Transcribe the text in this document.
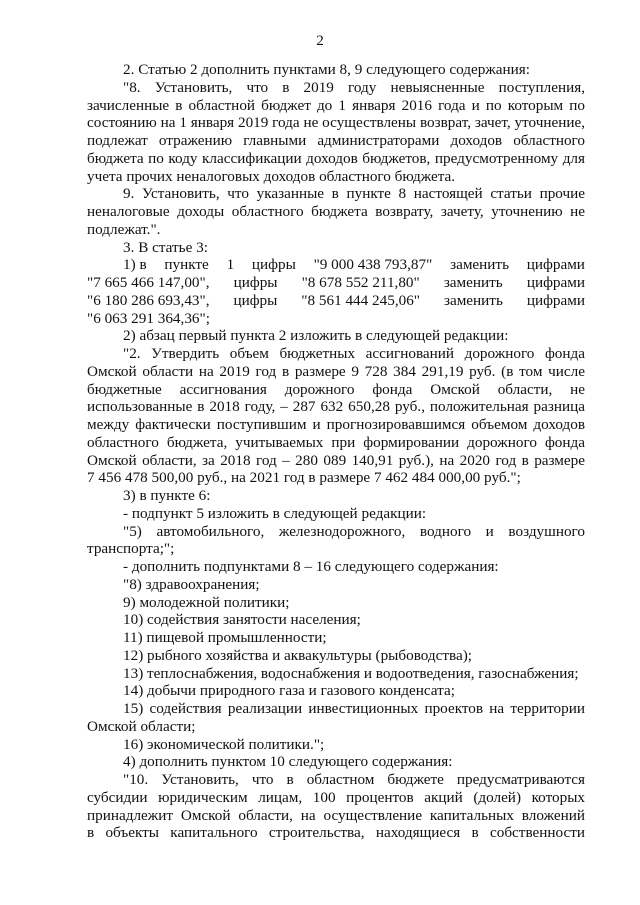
2
2. Статью 2 дополнить пунктами 8, 9 следующего содержания:
"8. Установить, что в 2019 году невыясненные поступления,
зачисленные в областной бюджет до 1 января 2016 года и по которым по
состоянию на 1 января 2019 года не осуществлены возврат, зачет, уточнение,
подлежат отражению главными администраторами доходов областного
бюджета по коду классификации доходов бюджетов, предусмотренному для
учета прочих неналоговых доходов областного бюджета.
9. Установить, что указанные в пункте 8 настоящей статьи прочие
неналоговые доходы областного бюджета возврату, зачету, уточнению не
подлежат.".
3. В статье 3:
1) в пункте 1 цифры "9 000 438 793,87" заменить цифрами
"7 665 466 147,00", цифры "8 678 552 211,80" заменить цифрами
"6 180 286 693,43", цифры "8 561 444 245,06" заменить цифрами
"6 063 291 364,36";
2) абзац первый пункта 2 изложить в следующей редакции:
"2. Утвердить объем бюджетных ассигнований дорожного фонда
Омской области на 2019 год в размере 9 728 384 291,19 руб. (в том числе
бюджетные ассигнования дорожного фонда Омской области, не
использованные в 2018 году, – 287 632 650,28 руб., положительная разница
между фактически поступившим и прогнозировавшимся объемом доходов
областного бюджета, учитываемых при формировании дорожного фонда
Омской области, за 2018 год – 280 089 140,91 руб.), на 2020 год в размере
7 456 478 500,00 руб., на 2021 год в размере 7 462 484 000,00 руб.";
3) в пункте 6:
- подпункт 5 изложить в следующей редакции:
"5) автомобильного, железнодорожного, водного и воздушного
транспорта;";
- дополнить подпунктами 8 – 16 следующего содержания:
"8) здравоохранения;
9) молодежной политики;
10) содействия занятости населения;
11) пищевой промышленности;
12) рыбного хозяйства и аквакультуры (рыбоводства);
13) теплоснабжения, водоснабжения и водоотведения, газоснабжения;
14) добычи природного газа и газового конденсата;
15) содействия реализации инвестиционных проектов на территории
Омской области;
16) экономической политики.";
4) дополнить пунктом 10 следующего содержания:
"10. Установить, что в областном бюджете предусматриваются
субсидии юридическим лицам, 100 процентов акций (долей) которых
принадлежит Омской области, на осуществление капитальных вложений
в объекты капитального строительства, находящиеся в собственности
